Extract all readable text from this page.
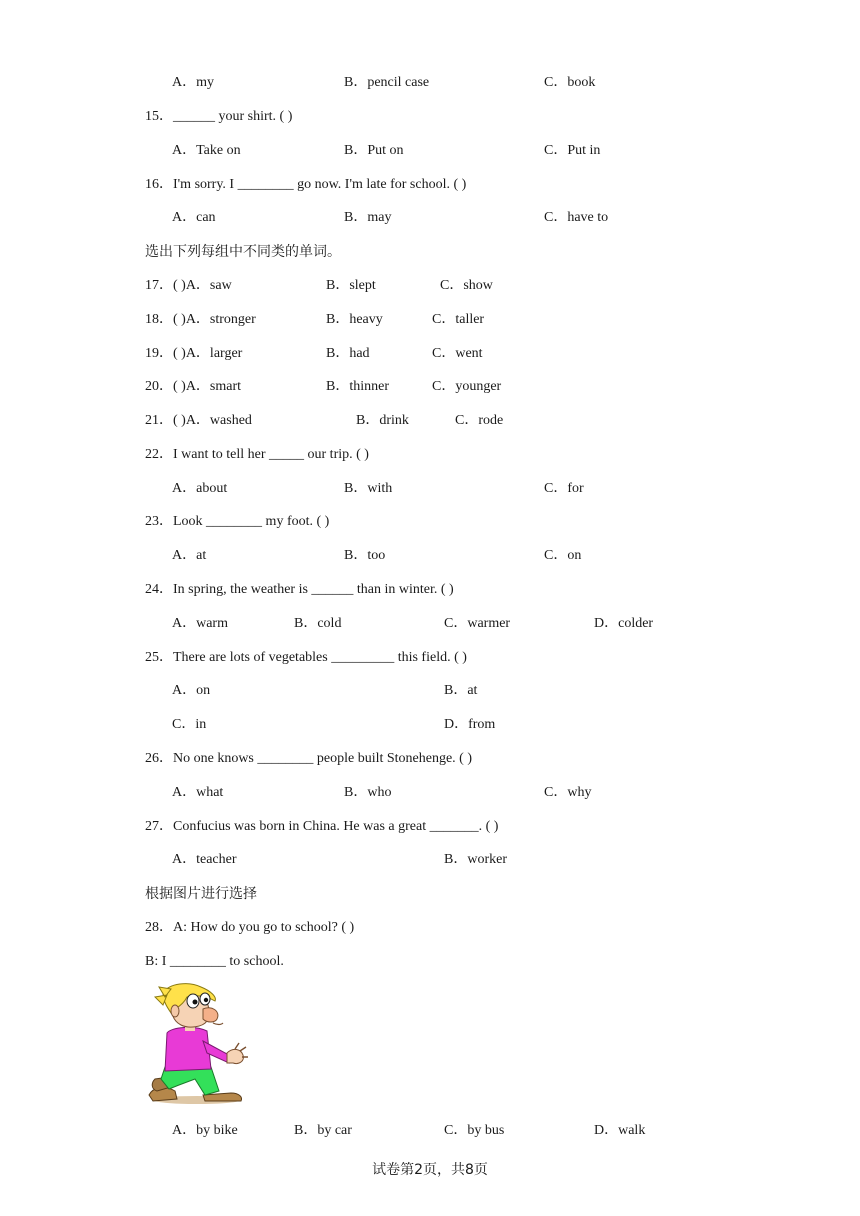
A．my	B．pencil case	C．book
15．______ your shirt. ( )
A．Take on	B．Put on	C．Put in
16．I'm sorry. I ________ go now. I'm late for school. ( )
A．can	B．may	C．have to
选出下列每组中不同类的单词。
17．( )A．saw	B．slept	C．show
18．( )A．stronger	B．heavy	C．taller
19．( )A．larger	B．had	C．went
20．( )A．smart	B．thinner	C．younger
21．( )A．washed	B．drink	C．rode
22．I want to tell her _____ our trip. ( )
A．about	B．with	C．for
23．Look ________ my foot. ( )
A．at	B．too	C．on
24．In spring, the weather is ______ than in winter. ( )
A．warm	B．cold	C．warmer	D．colder
25．There are lots of vegetables _________ this field. ( )
A．on	B．at
C．in	D．from
26．No one knows ________ people built Stonehenge. ( )
A．what	B．who	C．why
27．Confucius was born in China. He was a great _______. ( )
A．teacher	B．worker
根据图片进行选择
28．A: How do you go to school? ( )
B: I ________ to school.
A．by bike	B．by car	C．by bus	D．walk
试卷第2页，共8页
